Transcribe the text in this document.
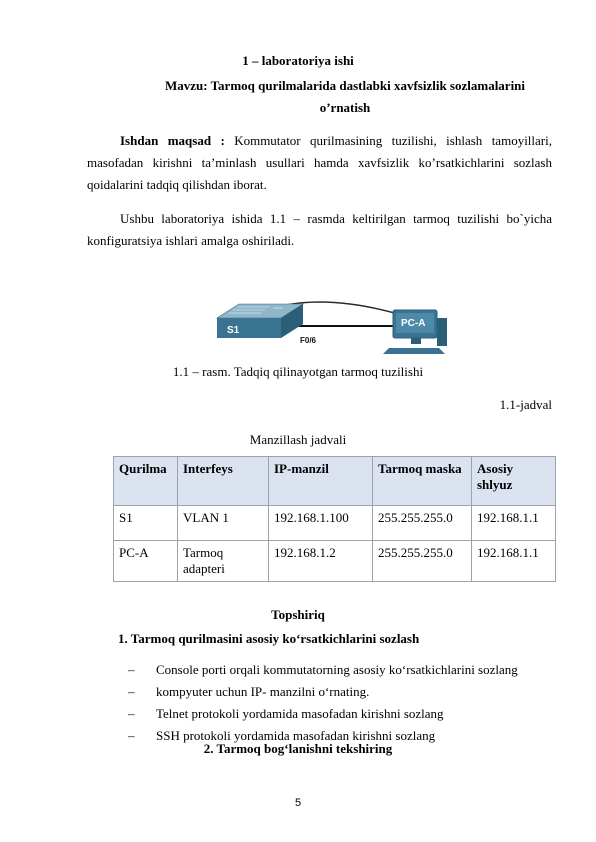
1 – laboratoriya ishi
Mavzu: Tarmoq qurilmalarida dastlabki xavfsizlik sozlamalarini
o’rnatish
Ishdan maqsad : Kommutator qurilmasining tuzilishi, ishlash tamoyillari, masofadan kirishni ta’minlash usullari hamda xavfsizlik ko’rsatkichlarini sozlash qoidalarini tadqiq qilishdan iborat.
Ushbu laboratoriya ishida 1.1 – rasmda keltirilgan tarmoq tuzilishi bo`yicha konfiguratsiya ishlari amalga oshiriladi.
S1
F0/6
PC-A
1.1 – rasm. Tadqiq qilinayotgan tarmoq tuzilishi
1.1-jadval
Manzillash jadvali
Qurilma	Interfeys	IP-manzil	Tarmoq maska	Asosiy shlyuz
S1	VLAN 1	192.168.1.100	255.255.255.0	192.168.1.1
PC-A	Tarmoq adapteri	192.168.1.2	255.255.255.0	192.168.1.1
Topshiriq
1. Tarmoq qurilmasini asosiy ko‘rsatkichlarini sozlash
– Console porti orqali kommutatorning asosiy ko‘rsatkichlarini sozlang
– kompyuter uchun IP- manzilni o‘rnating.
– Telnet protokoli yordamida masofadan kirishni sozlang
– SSH protokoli yordamida masofadan kirishni sozlang
2. Tarmoq bog‘lanishni tekshiring
5
